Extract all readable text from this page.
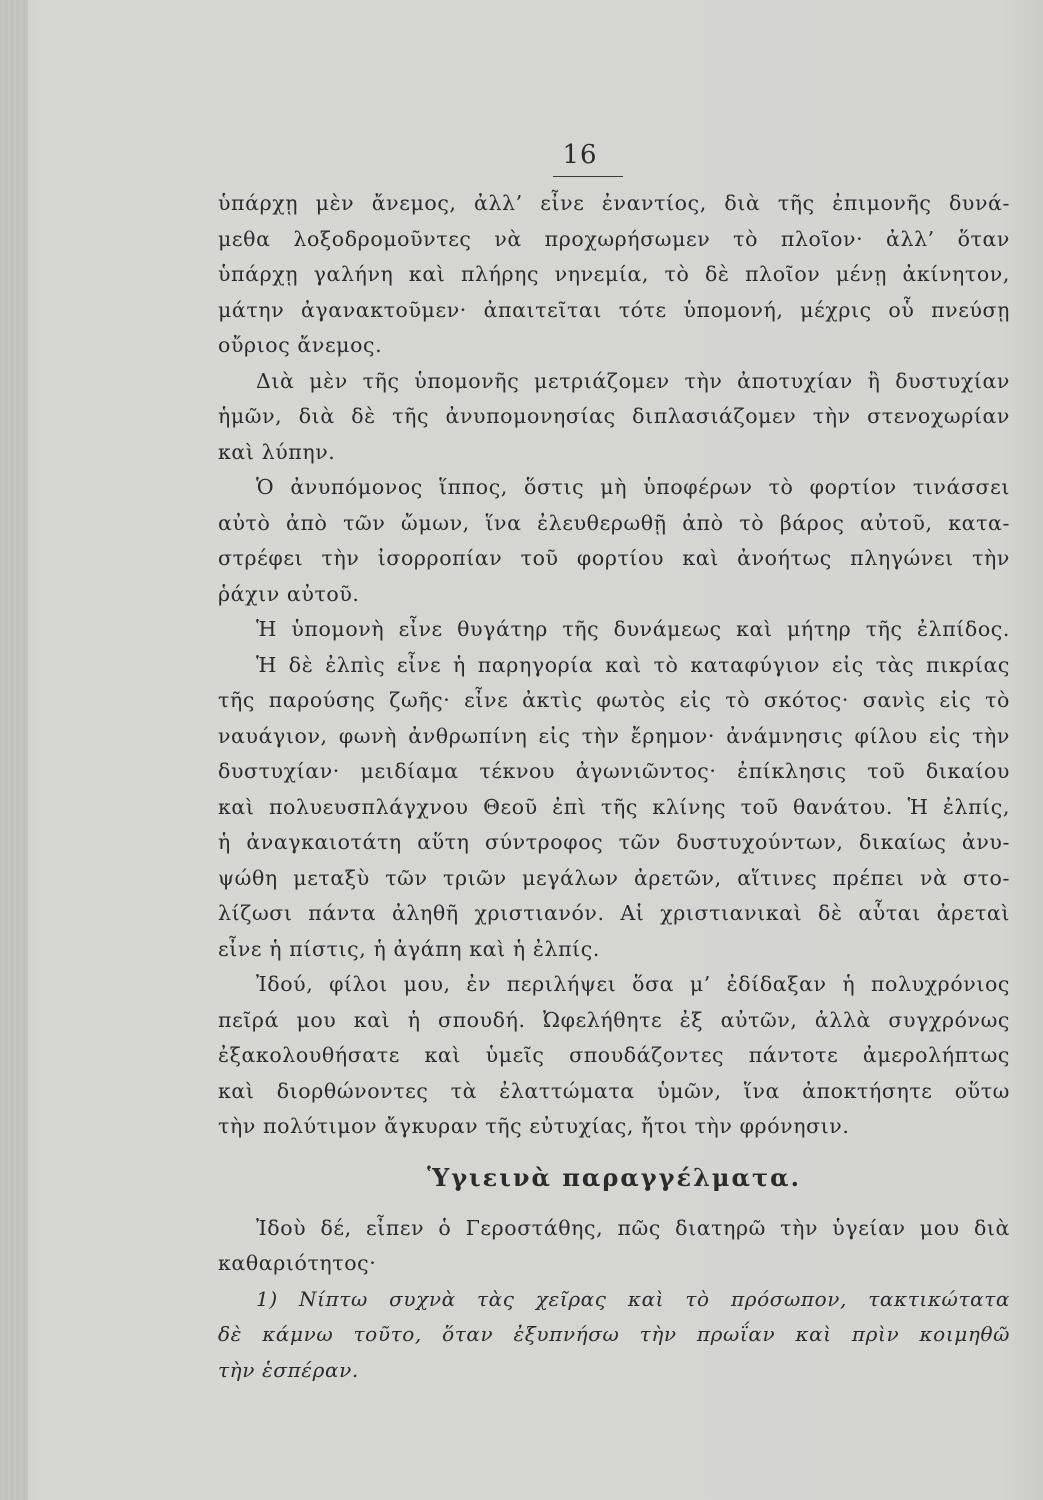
16
ὑπάρχῃ μὲν ἄνεμος, ἀλλ’ εἶνε ἐναντίος, διὰ τῆς ἐπιμονῆς δυνά-
μεθα λοξοδρομοῦντες νὰ προχωρήσωμεν τὸ πλοῖον· ἀλλ’ ὅταν
ὑπάρχῃ γαλήνη καὶ πλήρης νηνεμία, τὸ δὲ πλοῖον μένῃ ἀκίνητον,
μάτην ἀγανακτοῦμεν· ἀπαιτεῖται τότε ὑπομονή, μέχρις οὗ πνεύσῃ
οὔριος ἄνεμος.
Διὰ μὲν τῆς ὑπομονῆς μετριάζομεν τὴν ἀποτυχίαν ἢ δυστυχίαν
ἡμῶν, διὰ δὲ τῆς ἀνυπομονησίας διπλασιάζομεν τὴν στενοχωρίαν
καὶ λύπην.
Ὁ ἀνυπόμονος ἵππος, ὅστις μὴ ὑποφέρων τὸ φορτίον τινάσσει
αὐτὸ ἀπὸ τῶν ὤμων, ἵνα ἐλευθερωθῇ ἀπὸ τὸ βάρος αὐτοῦ, κατα-
στρέφει τὴν ἰσορροπίαν τοῦ φορτίου καὶ ἀνοήτως πληγώνει τὴν
ῥάχιν αὐτοῦ.
Ἡ ὑπομονὴ εἶνε θυγάτηρ τῆς δυνάμεως καὶ μήτηρ τῆς ἐλπίδος.
Ἡ δὲ ἐλπὶς εἶνε ἡ παρηγορία καὶ τὸ καταφύγιον εἰς τὰς πικρίας
τῆς παρούσης ζωῆς· εἶνε ἀκτὶς φωτὸς εἰς τὸ σκότος· σανὶς εἰς τὸ
ναυάγιον, φωνὴ ἀνθρωπίνη εἰς τὴν ἔρημον· ἀνάμνησις φίλου εἰς τὴν
δυστυχίαν· μειδίαμα τέκνου ἀγωνιῶντος· ἐπίκλησις τοῦ δικαίου
καὶ πολυευσπλάγχνου Θεοῦ ἐπὶ τῆς κλίνης τοῦ θανάτου. Ἡ ἐλπίς,
ἡ ἀναγκαιοτάτη αὕτη σύντροφος τῶν δυστυχούντων, δικαίως ἀνυ-
ψώθη μεταξὺ τῶν τριῶν μεγάλων ἀρετῶν, αἵτινες πρέπει νὰ στο-
λίζωσι πάντα ἀληθῆ χριστιανόν. Αἱ χριστιανικαὶ δὲ αὗται ἀρεταὶ
εἶνε ἡ πίστις, ἡ ἀγάπη καὶ ἡ ἐλπίς.
Ἰδού, φίλοι μου, ἐν περιλήψει ὅσα μ’ ἐδίδαξαν ἡ πολυχρόνιος
πεῖρά μου καὶ ἡ σπουδή. Ὠφελήθητε ἐξ αὐτῶν, ἀλλὰ συγχρόνως
ἐξακολουθήσατε καὶ ὑμεῖς σπουδάζοντες πάντοτε ἀμερολήπτως
καὶ διορθώνοντες τὰ ἐλαττώματα ὑμῶν, ἵνα ἀποκτήσητε οὕτω
τὴν πολύτιμον ἄγκυραν τῆς εὐτυχίας, ἤτοι τὴν φρόνησιν.
Ὑγιεινὰ παραγγέλματα.
Ἰδοὺ δέ, εἶπεν ὁ Γεροστάθης, πῶς διατηρῶ τὴν ὑγείαν μου διὰ
καθαριότητος·
1) Νίπτω συχνὰ τὰς χεῖρας καὶ τὸ πρόσωπον, τακτικώτατα
δὲ κάμνω τοῦτο, ὅταν ἐξυπνήσω τὴν πρωΐαν καὶ πρὶν κοιμηθῶ
τὴν ἑσπέραν.
